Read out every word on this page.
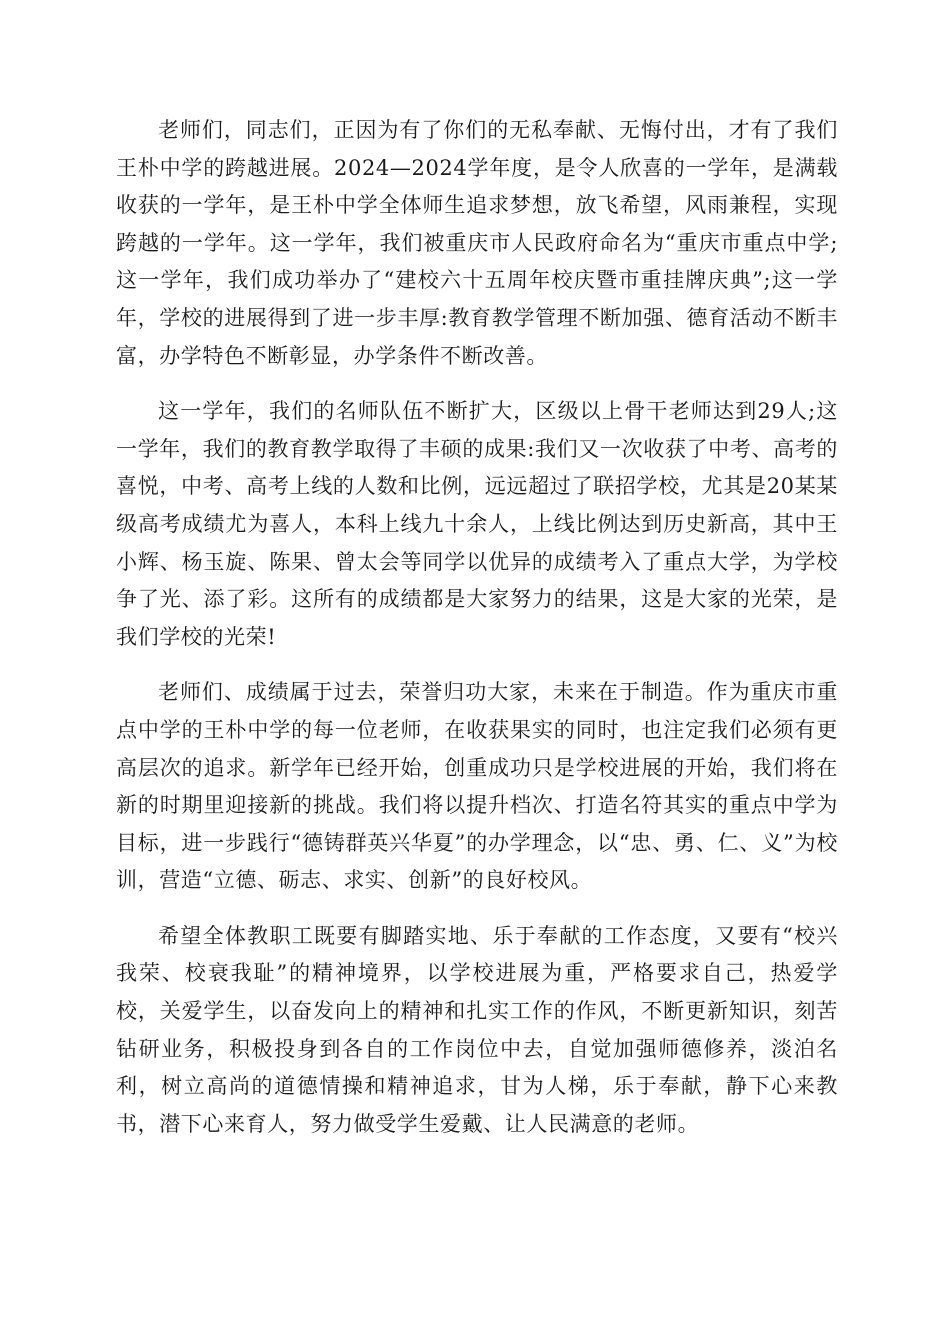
老师们，同志们，正因为有了你们的无私奉献、无悔付出，才有了我们王朴中学的跨越进展。2024—2024学年度，是令人欣喜的一学年，是满载收获的一学年，是王朴中学全体师生追求梦想，放飞希望，风雨兼程，实现跨越的一学年。这一学年，我们被重庆市人民政府命名为“重庆市重点中学;这一学年，我们成功举办了“建校六十五周年校庆暨市重挂牌庆典”;这一学年，学校的进展得到了进一步丰厚:教育教学管理不断加强、德育活动不断丰富，办学特色不断彰显，办学条件不断改善。

这一学年，我们的名师队伍不断扩大，区级以上骨干老师达到29人;这一学年，我们的教育教学取得了丰硕的成果:我们又一次收获了中考、高考的喜悦，中考、高考上线的人数和比例，远远超过了联招学校，尤其是20某某级高考成绩尤为喜人，本科上线九十余人，上线比例达到历史新高，其中王小辉、杨玉旋、陈果、曾太会等同学以优异的成绩考入了重点大学，为学校争了光、添了彩。这所有的成绩都是大家努力的结果，这是大家的光荣，是我们学校的光荣!

老师们、成绩属于过去，荣誉归功大家，未来在于制造。作为重庆市重点中学的王朴中学的每一位老师，在收获果实的同时，也注定我们必须有更高层次的追求。新学年已经开始，创重成功只是学校进展的开始，我们将在新的时期里迎接新的挑战。我们将以提升档次、打造名符其实的重点中学为目标，进一步践行“德铸群英兴华夏”的办学理念，以“忠、勇、仁、义”为校训，营造“立德、砺志、求实、创新”的良好校风。

希望全体教职工既要有脚踏实地、乐于奉献的工作态度，又要有“校兴我荣、校衰我耻”的精神境界，以学校进展为重，严格要求自己，热爱学校，关爱学生，以奋发向上的精神和扎实工作的作风，不断更新知识，刻苦钻研业务，积极投身到各自的工作岗位中去，自觉加强师德修养，淡泊名利，树立高尚的道德情操和精神追求，甘为人梯，乐于奉献，静下心来教书，潜下心来育人，努力做受学生爱戴、让人民满意的老师。
